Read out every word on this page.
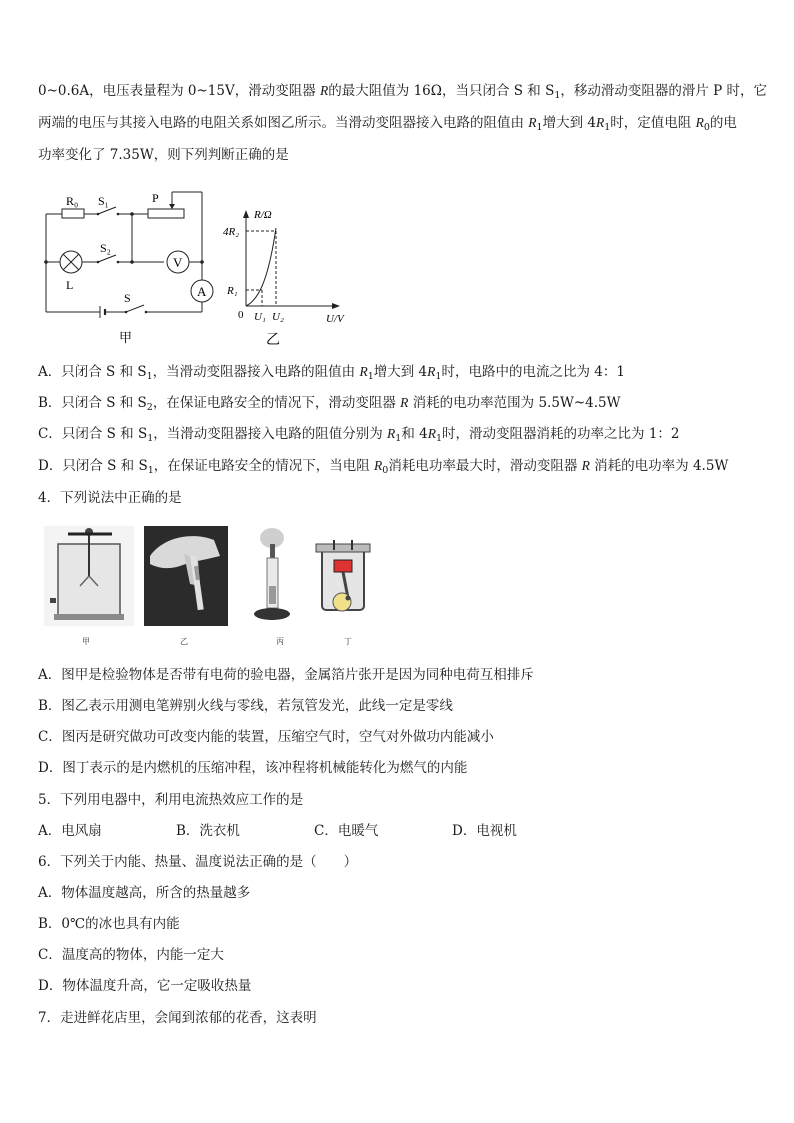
0~0.6A，电压表量程为 0~15V，滑动变阻器 R的最大阻值为 16Ω，当只闭合 S 和 $S_1$，移动滑动变阻器的滑片 P 时，它
两端的电压与其接入电路的电阻关系如图乙所示。当滑动变阻器接入电路的阻值由 $R_1$增大到 $4R_1$时，定值电阻 $R_0$的电
功率变化了 7.35W，则下列判断正确的是
R₀ S₁	P
S₂
V
L	A
S
甲
R/Ω
4R₂
R₁
0 U₁ U₂	U/V
乙
A．只闭合 S 和 $S_1$，当滑动变阻器接入电路的阻值由 $R_1$增大到 $4R_1$时，电路中的电流之比为 4：1
B．只闭合 S 和 $S_2$，在保证电路安全的情况下，滑动变阻器 R 消耗的电功率范围为 5.5W~4.5W
C．只闭合 S 和 $S_1$，当滑动变阻器接入电路的阻值分别为 $R_1$和 $4R_1$时，滑动变阻器消耗的功率之比为 1：2
D．只闭合 S 和 $S_1$，在保证电路安全的情况下，当电阻 $R_0$消耗电功率最大时，滑动变阻器 R 消耗的电功率为 4.5W
4．下列说法中正确的是
甲	乙	丙	丁
A．图甲是检验物体是否带有电荷的验电器，金属箔片张开是因为同种电荷互相排斥
B．图乙表示用测电笔辨别火线与零线，若氖管发光，此线一定是零线
C．图丙是研究做功可改变内能的装置，压缩空气时，空气对外做功内能减小
D．图丁表示的是内燃机的压缩冲程，该冲程将机械能转化为燃气的内能
5．下列用电器中，利用电流热效应工作的是
A．电风扇	B．洗衣机	C．电暖气	D．电视机
6．下列关于内能、热量、温度说法正确的是（　　）
A．物体温度越高，所含的热量越多
B．0℃的冰也具有内能
C．温度高的物体，内能一定大
D．物体温度升高，它一定吸收热量
7．走进鲜花店里，会闻到浓郁的花香，这表明
